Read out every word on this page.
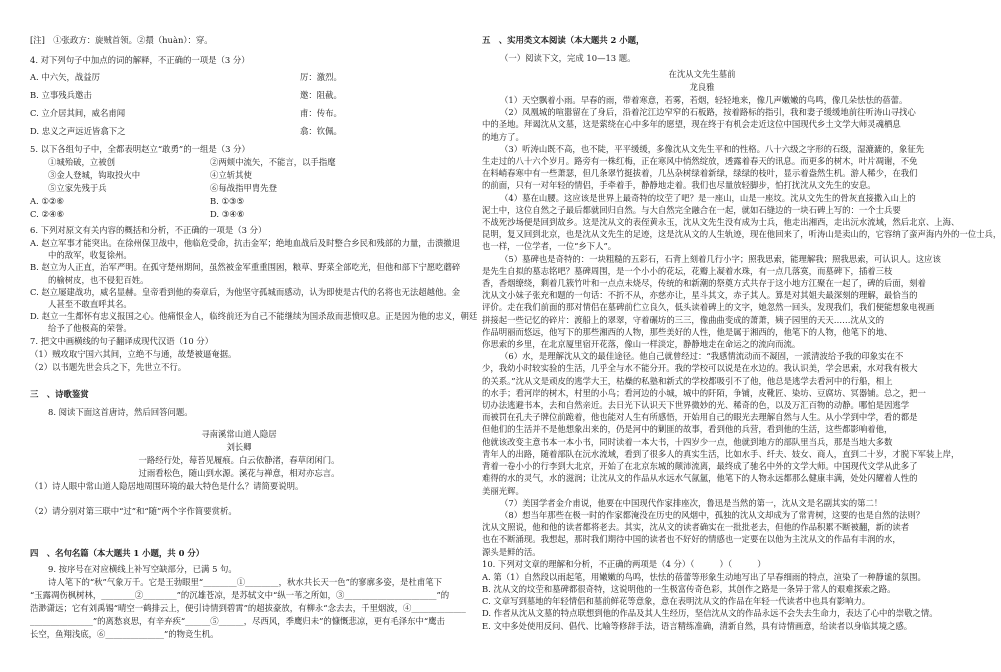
[注]　①张政方：旋贼首领。②擐（huàn）：穿。
4. 对下列句子中加点的词的解释，不正确的一项是（3 分）
A. 中六矢，战益厉	厉：激烈。
B. 立事残兵邀击	邀：阻截。
C. 立介居其间，威名甫闻	甫：传布。
D. 忠义之声远近皆翕下之	翕：钦佩。
5. 以下各组句子中，全都表明赵立“敢勇”的一组是（3 分）
①城殆破，立被创	②两颊中流矢，不能言，以手指麾
③金人登城，钩取投火中	④立斩其使
⑤立家先残于兵	⑥每战指甲胄先登
A. ①②⑥	B. ①③⑤
C. ②④⑥	D. ③④⑥
6. 下列对原文有关内容的概括和分析，不正确的一项是（3 分）
A. 赵立军事才能突出。在徐州保卫战中，他临危受命，抗击金军；绝地血战后及时整合乡民和残部的力量，击溃撤退
中的敌军，收复徐州。
B. 赵立为人正直，治军严明。在孤守楚州期间，虽然被金军重重围困，粮草、野菜全部吃光，但他和部下宁愿吃蘑碎
的榆树皮，也不侵犯百姓。
C. 赵立屡建战功，威名显赫。皇帝看到他的奏章后，为他坚守孤城而感动，认为即使是古代的名将也无法超越他。金
人甚至不敢直呼其名。
D. 赵立一生都怀有忠义报国之心。他痛恨金人，临终前还为自己不能继续为国杀敌而悲愤叹息。正是因为他的忠义，朝廷
给予了他极高的荣誉。
7. 把文中画横线的句子翻译成现代汉语（10 分）
（1）贼攻取宁国六其间，立绝不与通，故楚被逼奄据。
（2）以书题先世会兵之下，先世立不行。
三　、诗歌鉴赏
8. 阅读下面这首唐诗，然后回答问题。
寻南溪常山道人隐居
刘长卿
一路经行处，莓苔见履痕。白云依静渚，春草闭闲门。
过雨看松色，随山到水源。溪花与禅意，相对亦忘言。
（1）诗人眼中常山道人隐居地周围环境的最大特色是什么？请简要说明。
（2）请分别对第三联中“过”和“随”两个字作简要赏析。
四　、名句名篇（本大题共 1 小题，共 0 分）
9. 按序号在对应横线上补写空缺部分，已满 5 句。
诗人笔下的“秋”气象万千。它是王勃眼里“________①________，秋水共长天一色”的寥廓多姿，是杜甫笔下
“玉露凋伤枫树林，________②________”的沉雄苍凉，是苏轼文中“纵一苇之所如，③______________________”的
浩渺潇远；它有刘禹锡“晴空一鹤排云上，便引诗情到碧霄”的超拔豪放，有柳永“念去去，千里烟波，④_____________
_______________”的离愁哀思，有辛弃疾“______⑤______，尽西风，季鹰归未”的慷慨悲凉，更有毛泽东中“鹰击
长空，鱼翔浅底，⑥______________”的物竞生机。
五　、实用类文本阅读（本大题共 2 小题，
（一）阅读下文，完成 10—13 题。
在沈从文先生墓前
龙良雅
（1）天空飘着小雨。早春的雨，带着寒意，若雾，若烟，轻轻地来，像几声嫩嫩的鸟鸣，像几朵怯怯的蓓蕾。
（2）凤凰城的喧嚣留在了身后，沿着沱江边窄窄的石板路，按着路标的指引，我和妻子缓缓地前往听涛山寻找心
中的圣地。拜谒沈从文墓，这是萦绕在心中多年的愿望，现在终于有机会走近这位中国现代乡土文学大师灵魂栖息
的地方了。
（3）听涛山既不高，也不陡，平平缓缓，多像沈从文先生平和的性格。八十六级之字形的石级，湿漉漉的，象征先
生走过的八十六个岁月。路旁有一株红梅，正在寒风中悄然绽放，透露着春天的讯息。而更多的树木，叶片凋谢，不免
在料峭春寒中有一些萧瑟，但几条翠竹挺拔着，几丛杂树绿着新绿，绿绿的枝叶，显示着盎然生机。游人稀少，在我们
的前面，只有一对年轻的情侣，手牵着手，静静地走着。我们也尽量放轻脚步，怕打扰沈从文先生的安息。
（4）墓在山腰。这应该是世界上最奇特的坟茔了吧？是一座山，山是一座坟。沈从文先生的骨灰直接撒入山上的
泥土中，这位自然之子最后都就回归自然。与大自然完全融合在一起，就如石缝边的一块石碑上写的：一个士兵要
不战死沙场便是回到故乡。这是沈从文的表侄黄永玉，沈从文先生没有成为士兵，他走出湘西，走出沅水流域，然后北京、上海、
昆明，复又回到北京，也是沈从文先生的足迹，这是沈从文的人生轨迹，现在他回来了，听涛山是卖山的，它容纳了蛮声海内外的一位士兵，
也一样，一位学者，一位“乡下人”。
（5）墓碑也是奇特的：一块粗糙的五彩石，石背上刻着几行小字；照我思索，能理解我；照我思索，可认识人。这应该
是先生自拟的墓志铭吧？墓碑周围，是一个小小的花坛，花瓣上凝着水珠，有一点几落寞，而墓碑下，插着三枝
香，香烟缭绕，剩着几簇竹叶和一点点未烧尽，传统的和新潮的祭奠方式共存于这小地方江聚在一起了，碑的后面，刻着
沈从文小妹子张充和题的一句话：不折不从，亦慈亦让，星斗其文，赤子其人。算是对其姐夫最深刻的理解，最恰当的
评价。走在我们前面的那对情侣在墓碑前伫立良久，低头读着碑上的文字，她忽然一回头，发现我们，我们便能想象电视画
拼接起一些记忆的碎片：渡船上的翠翠，守着碾坊的三三，像曲曲变成的萧萧，姨子园里的天天……沈从文的
作品明丽而悠远，他写下的那些湘西的人物，那些美好的人性，他是属于湘西的，他笔下的人物，他笔下的地、
你思索的乡里，在北京厦里宿开花落，像山一样淡定，静静地走在命运之的流向而流。
（6）水，是理解沈从文的最佳途径。他自己就曾经过：“我感情流动而不凝固，一派清波给予我的印象实在不
少，我幼小时较实验的生活，几乎全与水不能分开。我的学校可以说是在水边的。我认识美，学会思索，水对我有极大
的关系。”沈从文是顽皮的逃学大王，枯燥的私塾和新式的学校都吸引不了他，他总是逃学去看河中的行船，相上
的水手；看河岸的树木，村里的小鸟；看河边的小城，城中的阡陌，争铺，皮靴匠、染坊、豆腐坊、冥器铺。总之，把一
切办法逃避书本，去和自然亲近。去日光下认识天下世界微妙的光、稀奇的色，以及万汇百物的动静。哪怕是因逃学
而被罚在孔夫子牌位前跪着，他也能对人生有所感悟，开始用自己的眼光去理解自然与人生。从小学到中学，看的都是
但他们的生活并不是他想象出来的，仍是河中的剿匪的故事，看到他的兵营，看到他的生活，这些都影响着他，
他就该改变主意书本一本小书，同时读着一本大书，十四岁少一点，他就到地方的部队里当兵，那是当地大多数
青年人的出路，随着部队在沅水流域，看到了很多人的真实生活，比如水手、纤夫、妓女、商人，直到二十岁，才脱下军装上岸，
背着一卷小小的行李到大北京，开始了在北京东城的颠沛流离，最终成了驰名中外的文学大师。中国现代文学从此多了
难得的水的灵气，水的滋润；让沈从文的作品从水远水气氤氲，他笔下的人物永远都那么健康丰满，处处闪耀着人性的
美丽光辉。
（7）美国学者金介甫说，他要在中国现代作家排座次，鲁迅是当然的第一，沈从文是名副其实的第二！
（8）想当年那些在极一时的作家都淹没在历史的风烟中，孤独的沈从文却成为了常青树，这要的也是自然的法则？
沈从文照说，他和他的读者都将老去。其实，沈从文的读者确实在一批批老去，但他的作品积累不断被翻，新的读者
也在不断涌现。我想起，那时我们期待中国的读者也不好好的情感也一定要在以他为主沈从文的作品有丰润的水，
源头是鲜的活。
10. 下列对文章的理解和分析，不正确的两项是（4 分）（　　　）（　　　）
A. 第（1）自然段以雨起笔，用嫩嫩的鸟鸣，怯怯的蓓蕾等形象生动地写出了早春细雨的特点，渲染了一种静谧的氛围。
B. 沈从文的坟茔和墓碑都很奇特，这说明他的一生极富传奇色彩，其创作之路是一条异于常人的艰难探索之路。
C. 文章写到墓地的年轻情侣和墓前鲜花等意象，意在表明沈从文的作品在年轻一代读者中也具有影响力。
D. 作者从沈从文墓的特点联想到他的作品及其人生经历，坚信沈从文的作品永远不会失去生命力，表达了心中的崇敬之情。
E. 文中多处使用反问、倡代、比喻等修辞手法，语言精练准确，清新自然，具有诗情画意，给读者以身临其境之感。
